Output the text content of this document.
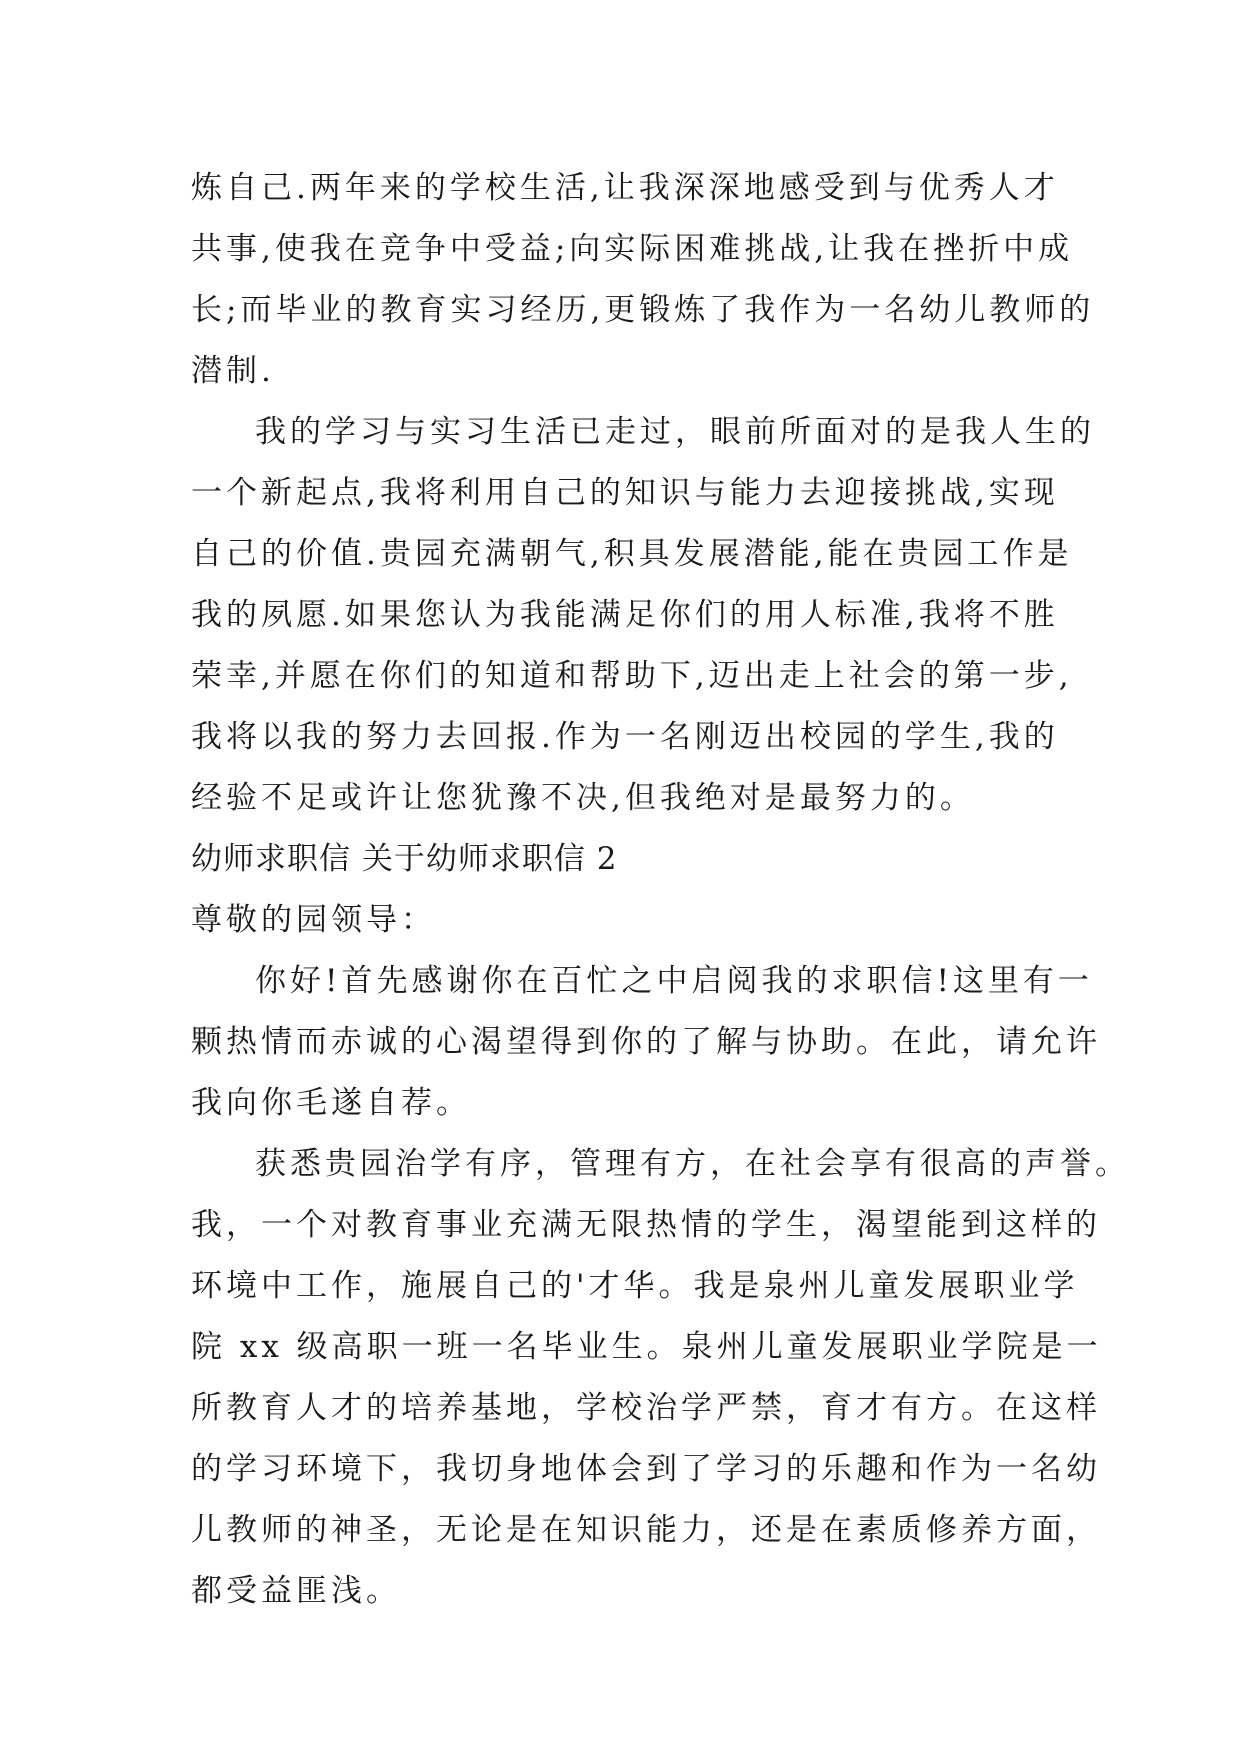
炼自己.两年来的学校生活,让我深深地感受到与优秀人才
共事,使我在竞争中受益;向实际困难挑战,让我在挫折中成
长;而毕业的教育实习经历,更锻炼了我作为一名幼儿教师的
潜制.
我的学习与实习生活已走过，眼前所面对的是我人生的
一个新起点,我将利用自己的知识与能力去迎接挑战,实现
自己的价值.贵园充满朝气,积具发展潜能,能在贵园工作是
我的夙愿.如果您认为我能满足你们的用人标准,我将不胜
荣幸,并愿在你们的知道和帮助下,迈出走上社会的第一步,
我将以我的努力去回报.作为一名刚迈出校园的学生,我的
经验不足或许让您犹豫不决,但我绝对是最努力的。
幼师求职信 关于幼师求职信 2
尊敬的园领导：
你好!首先感谢你在百忙之中启阅我的求职信!这里有一
颗热情而赤诚的心渴望得到你的了解与协助。在此，请允许
我向你毛遂自荐。
获悉贵园治学有序，管理有方，在社会享有很高的声誉。
我，一个对教育事业充满无限热情的学生，渴望能到这样的
环境中工作，施展自己的'才华。我是泉州儿童发展职业学
院 xx 级高职一班一名毕业生。泉州儿童发展职业学院是一
所教育人才的培养基地，学校治学严禁，育才有方。在这样
的学习环境下，我切身地体会到了学习的乐趣和作为一名幼
儿教师的神圣，无论是在知识能力，还是在素质修养方面，
都受益匪浅。
